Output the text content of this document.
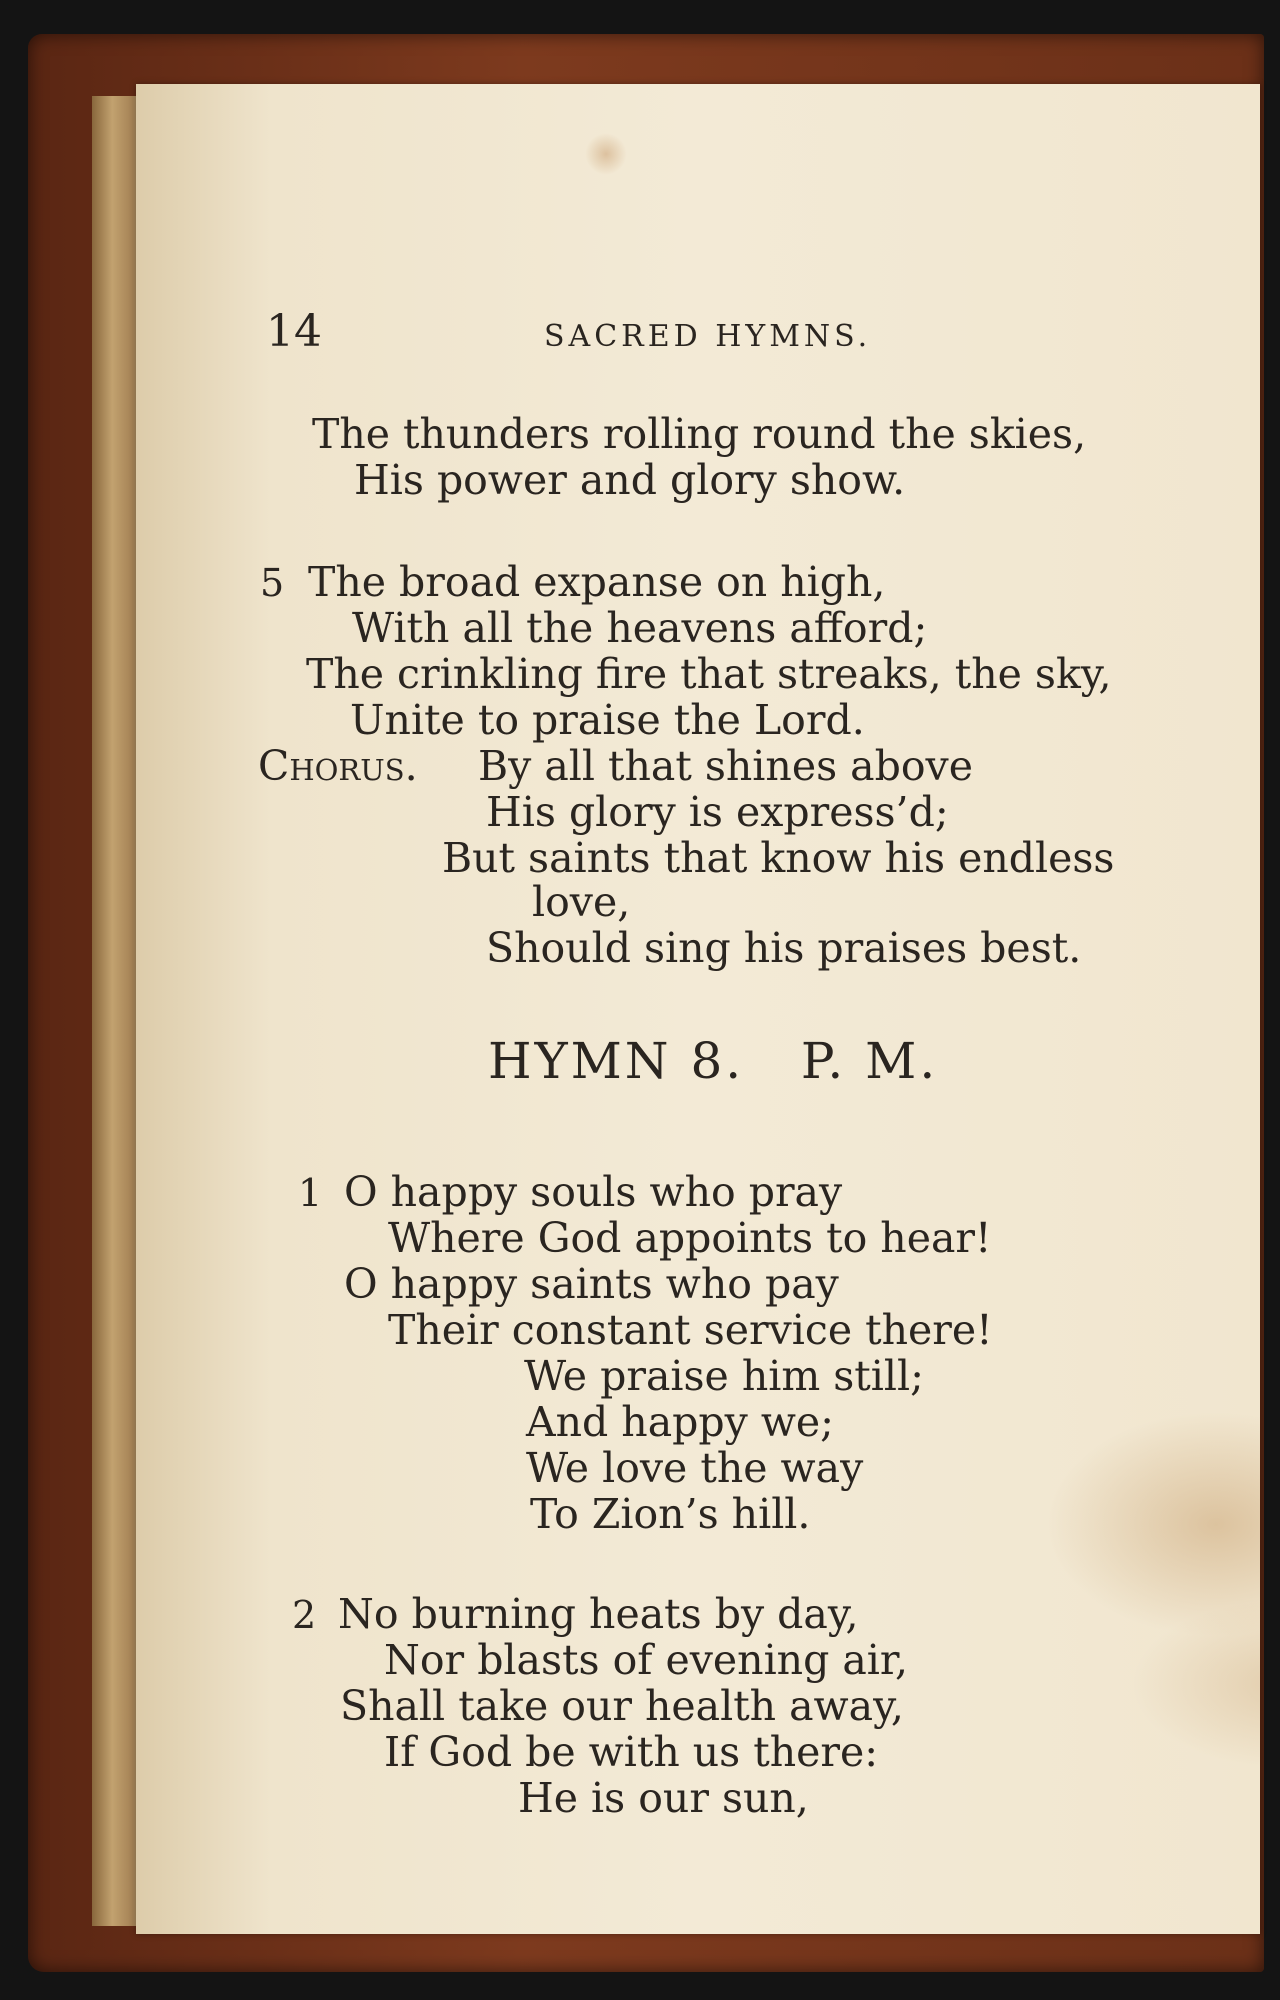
14	SACRED HYMNS.
The thunders rolling round the skies,
His power and glory show.
5 The broad expanse on high,
With all the heavens afford;
The crinkling fire that streaks, the sky,
Unite to praise the Lord.
Chorus. By all that shines above
His glory is express’d;
But saints that know his endless
love,
Should sing his praises best.
HYMN 8.   P. M.
1 O happy souls who pray
Where God appoints to hear!
O happy saints who pay
Their constant service there!
We praise him still;
And happy we;
We love the way
To Zion’s hill.
2 No burning heats by day,
Nor blasts of evening air,
Shall take our health away,
If God be with us there:
He is our sun,
